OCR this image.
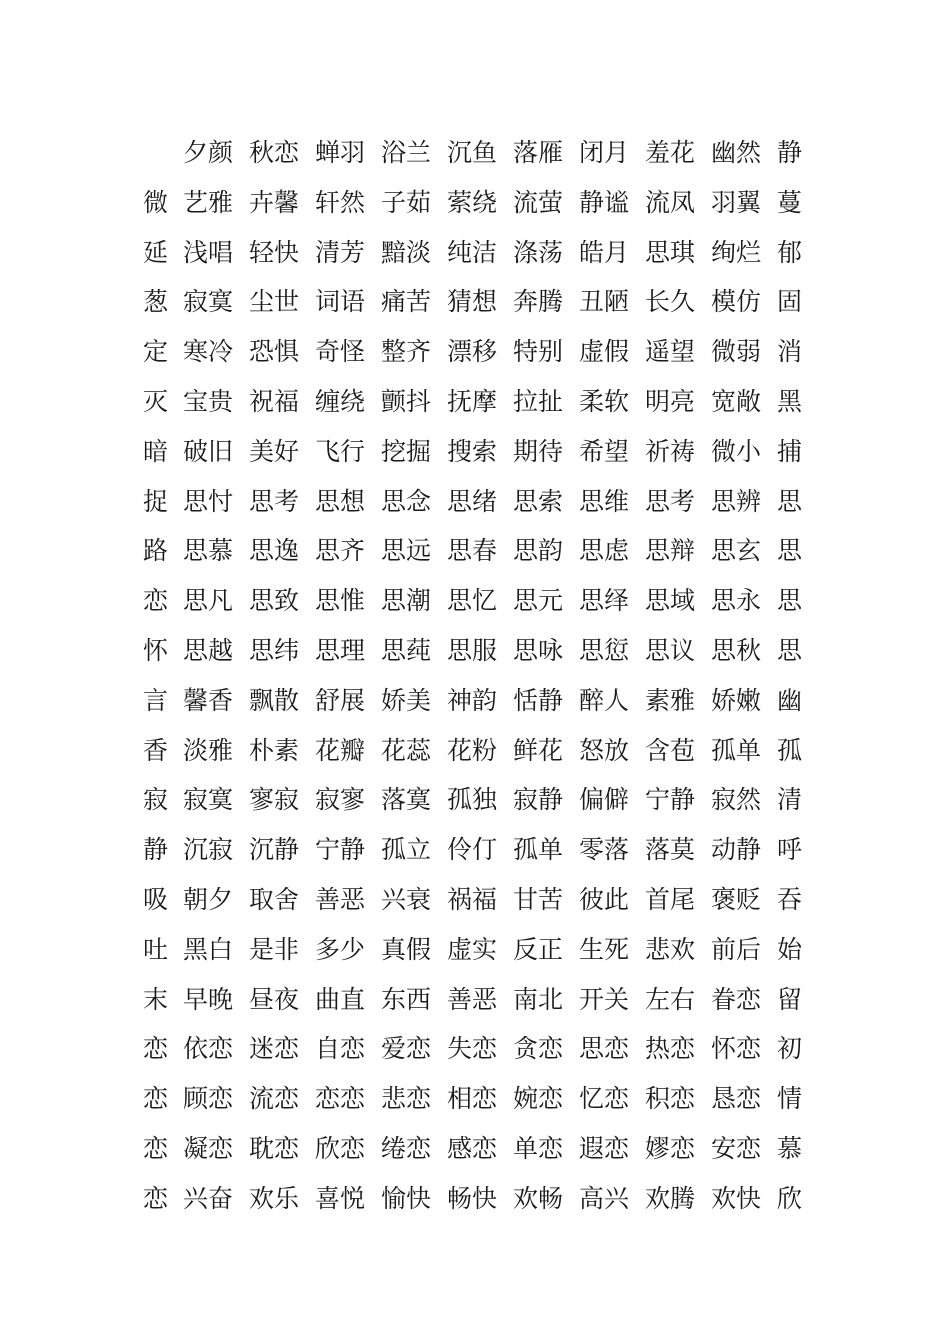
夕颜 秋恋 蝉羽 浴兰 沉鱼 落雁 闭月 羞花 幽然 静
微 艺雅 卉馨 轩然 子茹 萦绕 流萤 静谧 流凤 羽翼 蔓
延 浅唱 轻快 清芳 黯淡 纯洁 涤荡 皓月 思琪 绚烂 郁
葱 寂寞 尘世 词语 痛苦 猜想 奔腾 丑陋 长久 模仿 固
定 寒冷 恐惧 奇怪 整齐 漂移 特别 虚假 遥望 微弱 消
灭 宝贵 祝福 缠绕 颤抖 抚摩 拉扯 柔软 明亮 宽敞 黑
暗 破旧 美好 飞行 挖掘 搜索 期待 希望 祈祷 微小 捕
捉 思忖 思考 思想 思念 思绪 思索 思维 思考 思辨 思
路 思慕 思逸 思齐 思远 思春 思韵 思虑 思辩 思玄 思
恋 思凡 思致 思惟 思潮 思忆 思元 思绎 思域 思永 思
怀 思越 思纬 思理 思莼 思服 思咏 思愆 思议 思秋 思
言 馨香 飘散 舒展 娇美 神韵 恬静 醉人 素雅 娇嫩 幽
香 淡雅 朴素 花瓣 花蕊 花粉 鲜花 怒放 含苞 孤单 孤
寂 寂寞 寥寂 寂寥 落寞 孤独 寂静 偏僻 宁静 寂然 清
静 沉寂 沉静 宁静 孤立 伶仃 孤单 零落 落莫 动静 呼
吸 朝夕 取舍 善恶 兴衰 祸福 甘苦 彼此 首尾 褒贬 吞
吐 黑白 是非 多少 真假 虚实 反正 生死 悲欢 前后 始
末 早晚 昼夜 曲直 东西 善恶 南北 开关 左右 眷恋 留
恋 依恋 迷恋 自恋 爱恋 失恋 贪恋 思恋 热恋 怀恋 初
恋 顾恋 流恋 恋恋 悲恋 相恋 婉恋 忆恋 积恋 恳恋 情
恋 凝恋 耽恋 欣恋 绻恋 感恋 单恋 遐恋 嫪恋 安恋 慕
恋 兴奋 欢乐 喜悦 愉快 畅快 欢畅 高兴 欢腾 欢快 欣
